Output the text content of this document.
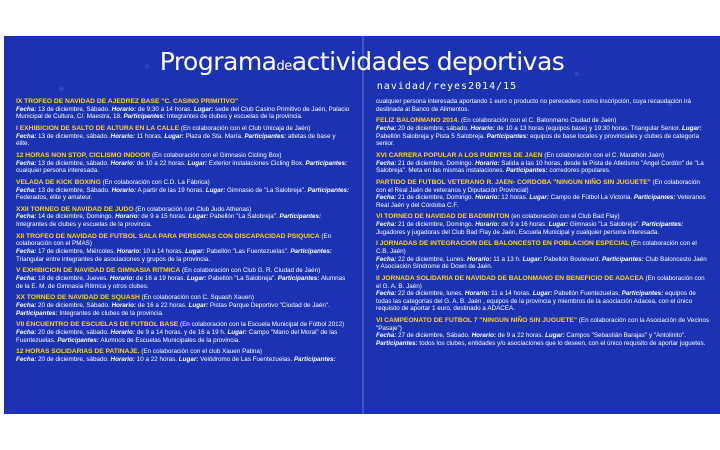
Programadeactividades deportivas
navidad/reyes2014/15
IX TROFEO DE NAVIDAD DE AJEDREZ BASE "C. CASINO PRIMITIVO"
Fecha: 13 de diciembre, Sábado. Horario: de 9:30 a 14 horas. Lugar: sede del Club Casino Primitivo de Jaén, Palacio Municipal de Cultura, C/. Maestra, 18. Participantes: Integrantes de clubes y escuelas de la provincia.
I EXHIBICION DE SALTO DE ALTURA EN LA CALLE (En colaboración con el Club Unicaja de Jaén)
Fecha: 13 de diciembre, sábado. Horario: 11 horas. Lugar: Plaza de Sta. María. Participantes: atletas de base y élite.
12 HORAS NON STOP, CICLISMO INDOOR (En colaboración con el Gimnasio Cicling Box)
Fecha: 13 de diciembre, sábado. Horario: de 10 a 22 horas. Lugar: Exterior instalaciones Cicling Box. Participantes: cualquier persona interesada.
VELADA DE KICK BOXING (En colaboración con C.D. La Fábrica)
Fecha: 13 de diciembre, Sábado. Horario: A partir de las 19 horas. Lugar: Gimnasio de "La Salobreja". Participantes: Federados, élite y amateur.
XXII TORNEO DE NAVIDAD DE JUDO (En colaboración con Club Judo Athenas)
Fecha: 14 de diciembre, Domingo. Horario: de 9 a 15 horas. Lugar: Pabellón "La Salobreja". Participantes: Integrantes de clubes y escuelas de la provincia.
XII TROFEO DE NAVIDAD DE FUTBOL SALA PARA PERSONAS CON DISCAPACIDAD PSIQUICA (En colaboración con el PMAS)
Fecha: 17 de diciembre, Miércoles. Horario: 10 a 14 horas. Lugar: Pabellón "Las Fuentezuelas". Participantes: Triangular entre integrantes de asociaciones y grupos de la provincia.
V EXHIBICION DE NAVIDAD DE GIMNASIA RITMICA (En colaboración con Club G. R. Ciudad de Jaén)
Fecha: 18 de diciembre, Jueves. Horario: de 16 a 19 horas. Lugar: Pabellón "La Salobreja". Participantes: Alumnas de la E. M. de Gimnasia Rítmica y otros clubes.
XX TORNEO DE NAVIDAD DE SQUASH (En colaboración con C. Squash Xauen)
Fecha: 20 de diciembre, Sábado. Horario: de 16 a 22 horas. Lugar: Pistas Parque Deportivo "Ciudad de Jaén". Participantes: Integrantes de clubes de la provincia.
VII ENCUENTRO DE ESCUELAS DE FUTBOL BASE (En colaboración con la Escuela Municipal de Fútbol 2012)
Fecha: 20 de diciembre, sábado. Horario: de 9 a 14 horas. y de 16 a 19 h. Lugar: Campo "Mano del Moral" de las Fuentezuelas. Participantes: Alumnos de Escuelas Municipales de la provincia.
12 HORAS SOLIDARIAS DE PATINAJE. (En colaboración con el club Xauen Patina)
Fecha: 20 de diciembre, sábado. Horario: 10 a 22 horas. Lugar: Velódromo de Las Fuentezuelas. Participantes:
cualquier persona interesada aportando 1 euro o producto no perecedero como inscripción, cuya recaudación irá destinada al Banco de Alimentos.
FELIZ BALONMANO 2014. (En colaboración con el C. Balonmano Ciudad de Jaén)
Fecha: 20 de diciembre, sábado. Horario: de 10 a 13 horas (equipos base) y 19:30 horas. Triangular Senior. Lugar: Pabellón Salobreja y Pista 5 Salobreja. Participantes: equipos de base locales y provinciales y clubes de categoría senior.
XVI CARRERA POPULAR A LOS PUENTES DE JAEN (En colaboración con el C. Marathón Jaén)
Fecha: 21 de diciembre, Domingo. Horario: Salida a las 10 horas, desde la Pista de Atletismo "Angel Cordón" de "La Salobreja". Meta en las mismas instalaciones. Participantes: corredores populares.
PARTIDO DE FUTBOL VETERANO R. JAEN- CORDOBA "NINGUN NIÑO SIN JUGUETE" (En colaboración con el Real Jaén de veteranos y Diputación Provincial)
Fecha: 21 de diciembre, Domingo. Horario: 12 horas. Lugar: Campo de Fútbol La Victoria. Participantes: Veteranos Real Jaén y del Córdoba C.F.
VI TORNEO DE NAVIDAD DE BADMINTON (en colaboración con el Club Bad Flay)
Fecha: 21 de diciembre, Domingo. Horario: de 9 a 16 horas. Lugar: Gimnasio "La Salobreja". Participantes: Jugadores y jugadoras del Club Bad Flay de Jaén, Escuela Municipal y cualquier persona interesada.
I JORNADAS DE INTEGRACION DEL BALONCESTO EN POBLACION ESPECIAL (En colaboración con el C.B. Jaén)
Fecha: 22 de diciembre, Lunes. Horario: 11 a 13 h. Lugar: Pabellón Boulevard. Participantes: Club Baloncesto Jaén y Asociación Síndrome de Down de Jaén.
II JORNADA SOLIDARIA DE NAVIDAD DE BALONMANO EN BENEFICIO DE ADACEA (En colaboración con el G. A. B. Jaén)
Fecha: 22 de diciembre, lunes. Horario: 11 a 14 horas. Lugar: Pabellón Fuentezuelas. Participantes: equipos de todas las categorías del G. A. B. Jaén , equipos de la provincia y miembros de la asociación Adacea, con el único requisito de aportar 1 euro, destinado a ADACEA.
VI CAMPEONATO DE FUTBOL 7 "NINGUN NIÑO SIN JUGUETE" (En colaboración con la Asociación de Vecinos "Pasaje")
Fecha: 27 de diciembre, Sábado. Horario: de 9 a 22 horas. Lugar: Campos "Sebastián Barajas" y "Antolinito". Participantes: todos los clubes, entidades y/o asociaciones que lo deseen, con el único requisito de aportar juguetes.
